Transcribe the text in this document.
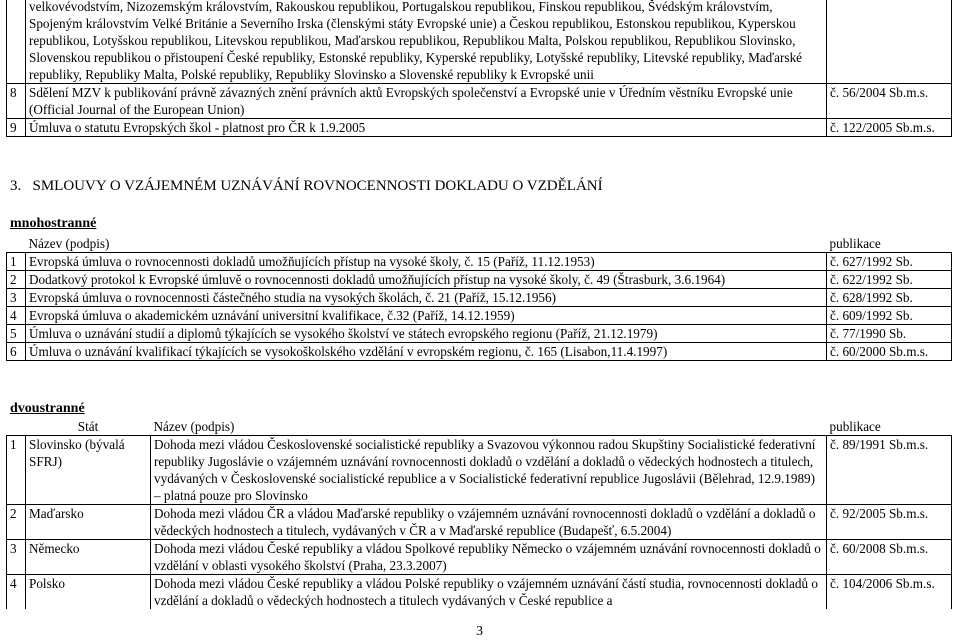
	velkovévodstvím, Nizozemským královstvím, Rakouskou republikou, Portugalskou republikou, Finskou republikou, Švédským královstvím, Spojeným královstvím Velké Británie a Severního Irska (členskými státy Evropské unie) a Českou republikou, Estonskou republikou, Kyperskou republikou, Lotyšskou republikou, Litevskou republikou, Maďarskou republikou, Republikou Malta, Polskou republikou, Republikou Slovinsko, Slovenskou republikou o přistoupení České republiky, Estonské republiky, Kyperské republiky, Lotyšské republiky, Litevské republiky, Maďarské republiky, Republiky Malta, Polské republiky, Republiky Slovinsko a Slovenské republiky k Evropské unii	
8	Sdělení MZV k publikování právně závazných znění právních aktů Evropských společenství a Evropské unie v Úředním věstníku Evropské unie (Official Journal of the European Union)	č. 56/2004 Sb.m.s.
9	Úmluva o statutu Evropských škol - platnost pro ČR k 1.9.2005	č. 122/2005 Sb.m.s.
3. SMLOUVY O VZÁJEMNÉM UZNÁVÁNÍ ROVNOCENNOSTI DOKLADU O VZDĚLÁNÍ
mnohostranné
	Název (podpis)	publikace
1	Evropská úmluva o rovnocennosti dokladů umožňujících přístup na vysoké školy, č. 15 (Paříž, 11.12.1953)	č. 627/1992 Sb.
2	Dodatkový protokol k Evropské úmluvě o rovnocennosti dokladů umožňujících přístup na vysoké školy, č. 49 (Štrasburk, 3.6.1964)	č. 622/1992 Sb.
3	Evropská úmluva o rovnocennosti částečného studia na vysokých školách, č. 21 (Paříž, 15.12.1956)	č. 628/1992 Sb.
4	Evropská úmluva o akademickém uznávání universitní kvalifikace, č.32 (Paříž, 14.12.1959)	č. 609/1992 Sb.
5	Úmluva o uznávání studií a diplomů týkajících se vysokého školství ve státech evropského regionu (Paříž, 21.12.1979)	č. 77/1990 Sb.
6	Úmluva o uznávání kvalifikací týkajících se vysokoškolského vzdělání v evropském regionu, č. 165 (Lisabon,11.4.1997)	č. 60/2000 Sb.m.s.
dvoustranné
	Stát	Název (podpis)	publikace
1	Slovinsko (bývalá SFRJ)	Dohoda mezi vládou Československé socialistické republiky a Svazovou výkonnou radou Skupštiny Socialistické federativní republiky Jugoslávie o vzájemném uznávání rovnocennosti dokladů o vzdělání a dokladů o vědeckých hodnostech a titulech, vydávaných v Československé socialistické republice a v Socialistické federativní republice Jugoslávii (Bělehrad, 12.9.1989) – platná pouze pro Slovinsko	č. 89/1991 Sb.m.s.
2	Maďarsko	Dohoda mezi vládou ČR a vládou Maďarské republiky o vzájemném uznávání rovnocennosti dokladů o vzdělání a dokladů o vědeckých hodnostech a titulech, vydávaných v ČR a v Maďarské republice (Budapešť, 6.5.2004)	č. 92/2005 Sb.m.s.
3	Německo	Dohoda mezi vládou České republiky a vládou Spolkové republiky Německo o vzájemném uznávání rovnocennosti dokladů o vzdělání v oblasti vysokého školství (Praha, 23.3.2007)	č. 60/2008 Sb.m.s.
4	Polsko	Dohoda mezi vládou České republiky a vládou Polské republiky o vzájemném uznávání částí studia, rovnocennosti dokladů o vzdělání a dokladů o vědeckých hodnostech a titulech vydávaných v České republice a	č. 104/2006 Sb.m.s.
3
